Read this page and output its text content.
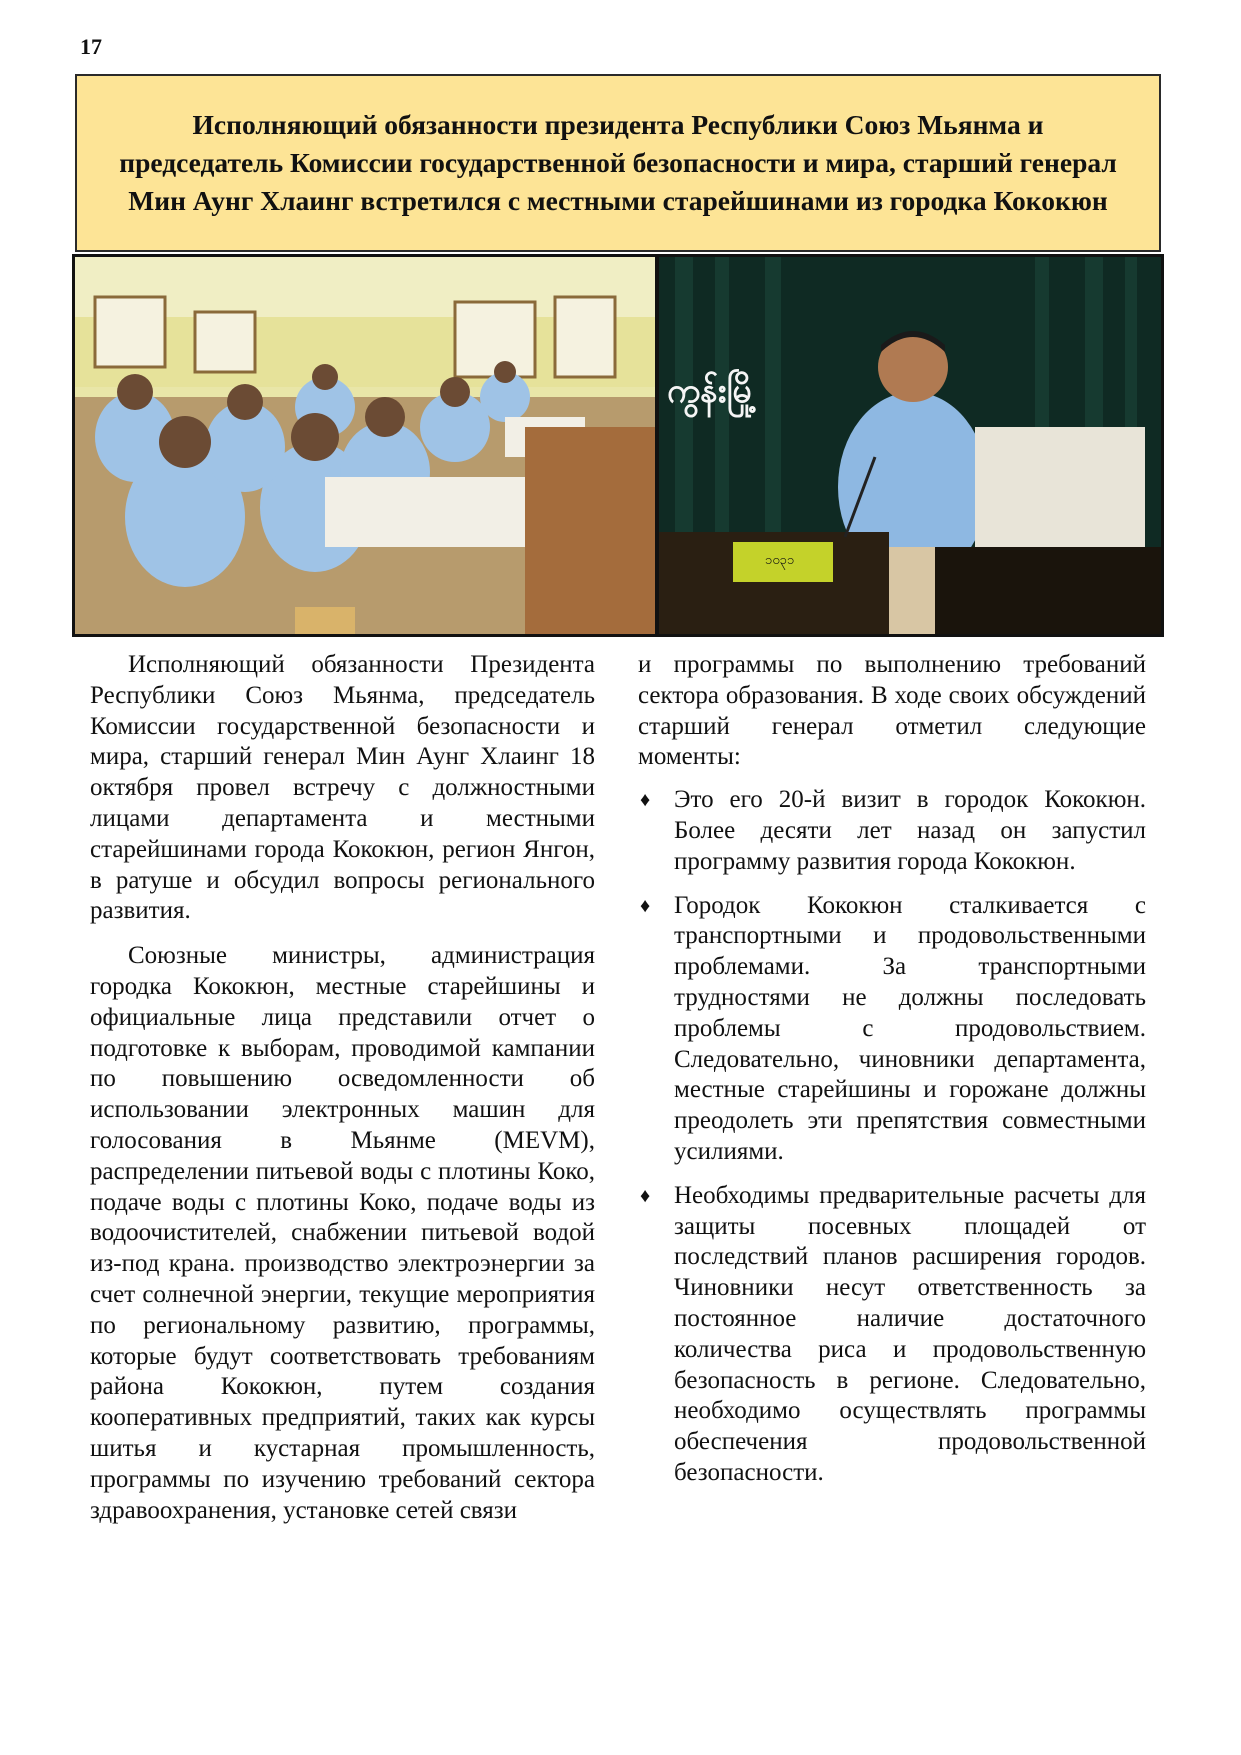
17
Исполняющий обязанности президента Республики Союз Мьянма и председатель Комиссии государственной безопасности и мира, старший генерал Мин Аунг Хлаинг встретился с местными старейшинами из городка Кококюн
ကွန်းမြို့
၁၀၃၁

Исполняющий обязанности Президента Республики Союз Мьянма, председатель Комиссии государственной безопасности и мира, старший генерал Мин Аунг Хлаинг 18 октября провел встречу с должностными лицами департамента и местными старейшинами города Кококюн, регион Янгон, в ратуше и обсудил вопросы регионального развития.

Союзные министры, администрация городка Кококюн, местные старейшины и официальные лица представили отчет о подготовке к выборам, проводимой кампании по повышению осведомленности об использовании электронных машин для голосования в Мьянме (MEVM), распределении питьевой воды с плотины Коко, подаче воды с плотины Коко, подаче воды из водоочистителей, снабжении питьевой водой из-под крана. производство электроэнергии за счет солнечной энергии, текущие мероприятия по региональному развитию, программы, которые будут соответствовать требованиям района Кококюн, путем создания кооперативных предприятий, таких как курсы шитья и кустарная промышленность, программы по изучению требований сектора здравоохранения, установке сетей связи

и программы по выполнению требований сектора образования. В ходе своих обсуждений старший генерал отметил следующие моменты:

♦ Это его 20-й визит в городок Кококюн. Более десяти лет назад он запустил программу развития города Кококюн.
♦ Городок Кококюн сталкивается с транспортными и продовольственными проблемами. За транспортными трудностями не должны последовать проблемы с продовольствием. Следовательно, чиновники департамента, местные старейшины и горожане должны преодолеть эти препятствия совместными усилиями.
♦ Необходимы предварительные расчеты для защиты посевных площадей от последствий планов расширения городов. Чиновники несут ответственность за постоянное наличие достаточного количества риса и продовольственную безопасность в регионе. Следовательно, необходимо осуществлять программы обеспечения продовольственной безопасности.
